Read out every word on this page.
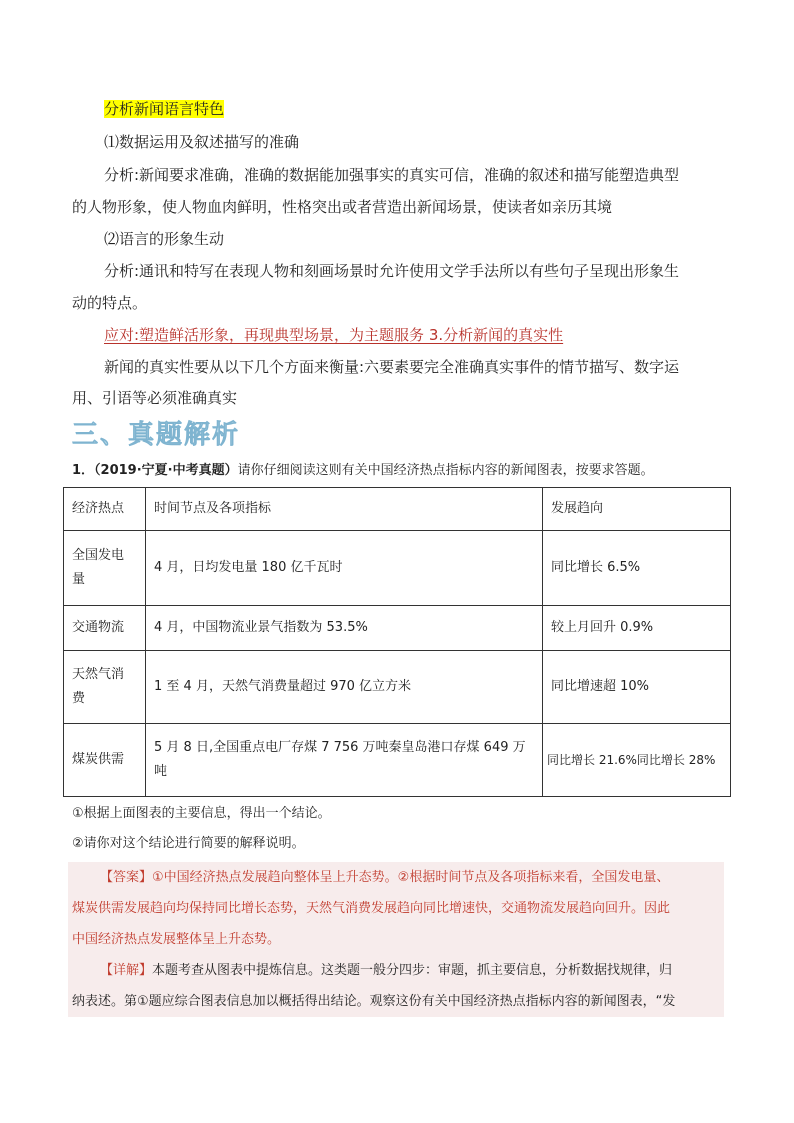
分析新闻语言特色
⑴数据运用及叙述描写的准确
分析:新闻要求准确，准确的数据能加强事实的真实可信，准确的叙述和描写能塑造典型
的人物形象，使人物血肉鲜明，性格突出或者营造出新闻场景，使读者如亲历其境
⑵语言的形象生动
分析:通讯和特写在表现人物和刻画场景时允许使用文学手法所以有些句子呈现出形象生
动的特点。
应对:塑造鲜活形象，再现典型场景，为主题服务 3.分析新闻的真实性
新闻的真实性要从以下几个方面来衡量:六要素要完全准确真实事件的情节描写、数字运
用、引语等必须准确真实
三、真题解析
1．（2019·宁夏·中考真题）请你仔细阅读这则有关中国经济热点指标内容的新闻图表，按要求答题。
经济热点	时间节点及各项指标	发展趋向
全国发电
量	4 月，日均发电量 180 亿千瓦时	同比增长 6.5%
交通物流	4 月，中国物流业景气指数为 53.5%	较上月回升 0.9%
天然气消
费	1 至 4 月，天然气消费量超过 970 亿立方米	同比增速超 10%
煤炭供需	5 月 8 日,全国重点电厂存煤 7 756 万吨秦皇岛港口存煤 649 万
吨	同比增长 21.6%同比增长 28%
①根据上面图表的主要信息，得出一个结论。
②请你对这个结论进行简要的解释说明。
【答案】①中国经济热点发展趋向整体呈上升态势。②根据时间节点及各项指标来看，全国发电量、
煤炭供需发展趋向均保持同比增长态势，天然气消费发展趋向同比增速快，交通物流发展趋向回升。因此
中国经济热点发展整体呈上升态势。
【详解】本题考查从图表中提炼信息。这类题一般分四步：审题，抓主要信息，分析数据找规律，归
纳表述。第①题应综合图表信息加以概括得出结论。观察这份有关中国经济热点指标内容的新闻图表，“发
